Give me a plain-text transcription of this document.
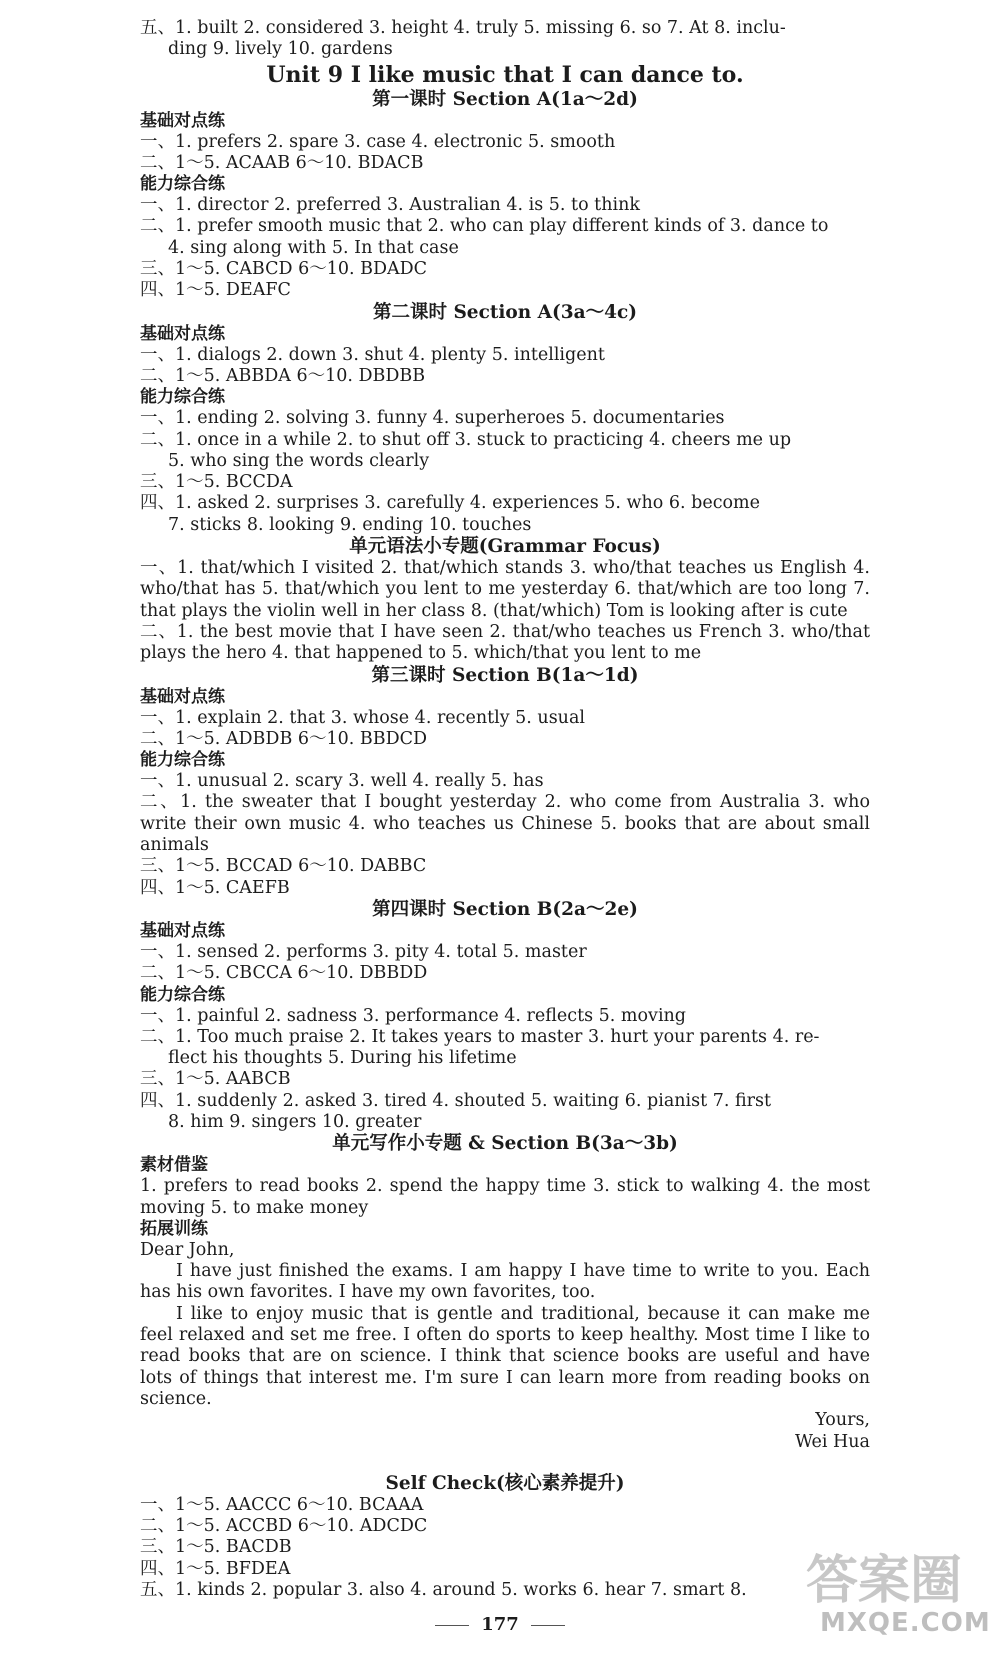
五、1. built 2. considered 3. height 4. truly 5. missing 6. so 7. At 8. inclu-
ding 9. lively 10. gardens
Unit 9 I like music that I can dance to.
第一课时 Section A(1a～2d)
基础对点练
一、1. prefers 2. spare 3. case 4. electronic 5. smooth
二、1～5. ACAAB 6～10. BDACB
能力综合练
一、1. director 2. preferred 3. Australian 4. is 5. to think
二、1. prefer smooth music that 2. who can play different kinds of 3. dance to
4. sing along with 5. In that case
三、1～5. CABCD 6～10. BDADC
四、1～5. DEAFC
第二课时 Section A(3a～4c)
基础对点练
一、1. dialogs 2. down 3. shut 4. plenty 5. intelligent
二、1～5. ABBDA 6～10. DBDBB
能力综合练
一、1. ending 2. solving 3. funny 4. superheroes 5. documentaries
二、1. once in a while 2. to shut off 3. stuck to practicing 4. cheers me up
5. who sing the words clearly
三、1～5. BCCDA
四、1. asked 2. surprises 3. carefully 4. experiences 5. who 6. become
7. sticks 8. looking 9. ending 10. touches
单元语法小专题(Grammar Focus)
一、1. that/which I visited 2. that/which stands 3. who/that teaches us English 4. who/that has 5. that/which you lent to me yesterday 6. that/which are too long 7. that plays the violin well in her class 8. (that/which) Tom is looking after is cute
二、1. the best movie that I have seen 2. that/who teaches us French 3. who/that plays the hero 4. that happened to 5. which/that you lent to me
第三课时 Section B(1a～1d)
基础对点练
一、1. explain 2. that 3. whose 4. recently 5. usual
二、1～5. ADBDB 6～10. BBDCD
能力综合练
一、1. unusual 2. scary 3. well 4. really 5. has
二、1. the sweater that I bought yesterday 2. who come from Australia 3. who write their own music 4. who teaches us Chinese 5. books that are about small animals
三、1～5. BCCAD 6～10. DABBC
四、1～5. CAEFB
第四课时 Section B(2a～2e)
基础对点练
一、1. sensed 2. performs 3. pity 4. total 5. master
二、1～5. CBCCA 6～10. DBBDD
能力综合练
一、1. painful 2. sadness 3. performance 4. reflects 5. moving
二、1. Too much praise 2. It takes years to master 3. hurt your parents 4. re-
flect his thoughts 5. During his lifetime
三、1～5. AABCB
四、1. suddenly 2. asked 3. tired 4. shouted 5. waiting 6. pianist 7. first
8. him 9. singers 10. greater
单元写作小专题 & Section B(3a～3b)
素材借鉴
1. prefers to read books 2. spend the happy time 3. stick to walking 4. the most moving 5. to make money
拓展训练
Dear John,
I have just finished the exams. I am happy I have time to write to you. Each has his own favorites. I have my own favorites, too.
I like to enjoy music that is gentle and traditional, because it can make me feel relaxed and set me free. I often do sports to keep healthy. Most time I like to read books that are on science. I think that science books are useful and have lots of things that interest me. I'm sure I can learn more from reading books on science.
Yours,
Wei Hua
Self Check(核心素养提升)
一、1～5. AACCC 6～10. BCAAA
二、1～5. ACCBD 6～10. ADCDC
三、1～5. BACDB
四、1～5. BFDEA
五、1. kinds 2. popular 3. also 4. around 5. works 6. hear 7. smart 8.
177
答案圈
MXQE.COM
